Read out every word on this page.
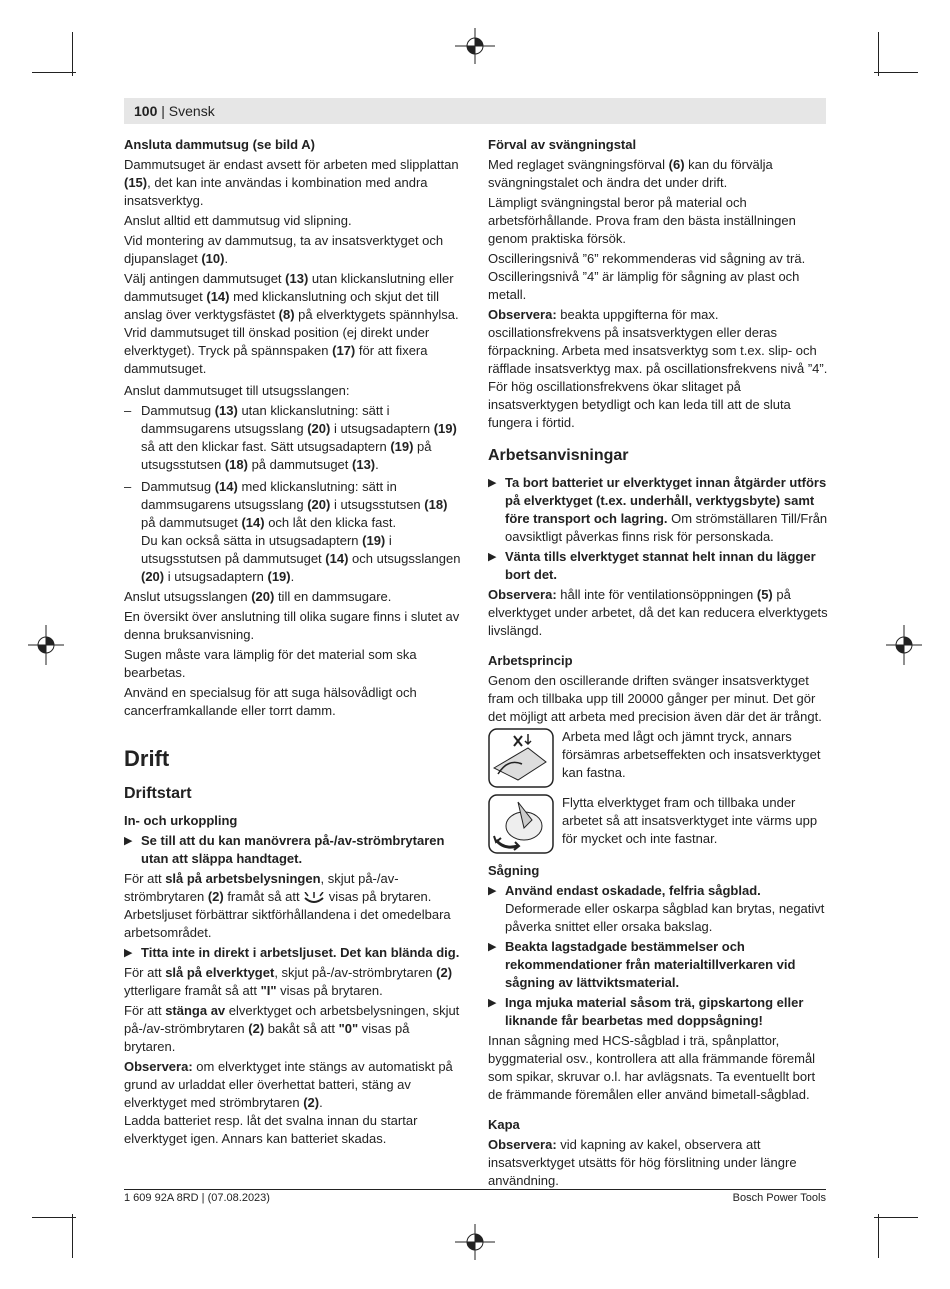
100 | Svensk
Ansluta dammutsug (se bild A)

Dammutsuget är endast avsett för arbeten med slipplattan (15), det kan inte användas i kombination med andra insatsverktyg.

Anslut alltid ett dammutsug vid slipning.

Vid montering av dammutsug, ta av insatsverktyget och djupanslaget (10).

Välj antingen dammutsuget (13) utan klickanslutning eller dammutsuget (14) med klickanslutning och skjut det till anslag över verktygsfästet (8) på elverktygets spännhylsa. Vrid dammutsuget till önskad position (ej direkt under elverktyget). Tryck på spännspaken (17) för att fixera dammutsuget.

Anslut dammutsuget till utsugsslangen:

– Dammutsug (13) utan klickanslutning: sätt i dammsugarens utsugsslang (20) i utsugsadaptern (19) så att den klickar fast. Sätt utsugsadaptern (19) på utsugsstutsen (18) på dammutsuget (13).
– Dammutsug (14) med klickanslutning: sätt in dammsugarens utsugsslang (20) i utsugsstutsen (18) på dammutsuget (14) och låt den klicka fast.
Du kan också sätta in utsugsadaptern (19) i utsugsstutsen på dammutsuget (14) och utsugsslangen (20) i utsugsadaptern (19).

Anslut utsugsslangen (20) till en dammsugare.

En översikt över anslutning till olika sugare finns i slutet av denna bruksanvisning.

Sugen måste vara lämplig för det material som ska bearbetas.

Använd en specialsug för att suga hälsovådligt och cancerframkallande eller torrt damm.

Drift
Driftstart
In- och urkoppling
▶ Se till att du kan manövrera på-/av-strömbrytaren utan att släppa handtaget.

För att slå på arbetsbelysningen, skjut på-/av-strömbrytaren (2) framåt så att  visas på brytaren. Arbetsljuset förbättrar siktförhållandena i det omedelbara arbetsområdet.

▶ Titta inte in direkt i arbetsljuset. Det kan blända dig.

För att slå på elverktyget, skjut på-/av-strömbrytaren (2) ytterligare framåt så att "I" visas på brytaren.

För att stänga av elverktyget och arbetsbelysningen, skjut på-/av-strömbrytaren (2) bakåt så att "0" visas på brytaren.

Observera: om elverktyget inte stängs av automatiskt på grund av urladdat eller överhettat batteri, stäng av elverktyget med strömbrytaren (2).
Ladda batteriet resp. låt det svalna innan du startar elverktyget igen. Annars kan batteriet skadas.

Förval av svängningstal

Med reglaget svängningsförval (6) kan du förvälja svängningstalet och ändra det under drift.

Lämpligt svängningstal beror på material och arbetsförhållande. Prova fram den bästa inställningen genom praktiska försök.

Oscilleringsnivå ”6” rekommenderas vid sågning av trä. Oscilleringsnivå ”4” är lämplig för sågning av plast och metall.

Observera: beakta uppgifterna för max. oscillationsfrekvens på insatsverktygen eller deras förpackning. Arbeta med insatsverktyg som t.ex. slip- och räfflade insatsverktyg max. på oscillationsfrekvens nivå ”4”. För hög oscillationsfrekvens ökar slitaget på insatsverktygen betydligt och kan leda till att de sluta fungera i förtid.

Arbetsanvisningar
▶ Ta bort batteriet ur elverktyget innan åtgärder utförs på elverktyget (t.ex. underhåll, verktygsbyte) samt före transport och lagring. Om strömställaren Till/Från oavsiktligt påverkas finns risk för personskada.
▶ Vänta tills elverktyget stannat helt innan du lägger bort det.

Observera: håll inte för ventilationsöppningen (5) på elverktyget under arbetet, då det kan reducera elverktygets livslängd.

Arbetsprincip

Genom den oscillerande driften svänger insatsverktyget fram och tillbaka upp till 20000 gånger per minut. Det gör det möjligt att arbeta med precision även där det är trångt.

Arbeta med lågt och jämnt tryck, annars försämras arbetseffekten och insatsverktyget kan fastna.
Flytta elverktyget fram och tillbaka under arbetet så att insatsverktyget inte värms upp för mycket och inte fastnar.
Sågning
▶ Använd endast oskadade, felfria sågblad. Deformerade eller oskarpa sågblad kan brytas, negativt påverka snittet eller orsaka bakslag.
▶ Beakta lagstadgade bestämmelser och rekommendationer från materialtillverkaren vid sågning av lättviktsmaterial.
▶ Inga mjuka material såsom trä, gipskartong eller liknande får bearbetas med doppsågning!

Innan sågning med HCS-sågblad i trä, spånplattor, byggmaterial osv., kontrollera att alla främmande föremål som spikar, skruvar o.l. har avlägsnats. Ta eventuellt bort de främmande föremålen eller använd bimetall-sågblad.

Kapa

Observera: vid kapning av kakel, observera att insatsverktyget utsätts för hög förslitning under längre användning.

1 609 92A 8RD | (07.08.2023)	Bosch Power Tools
